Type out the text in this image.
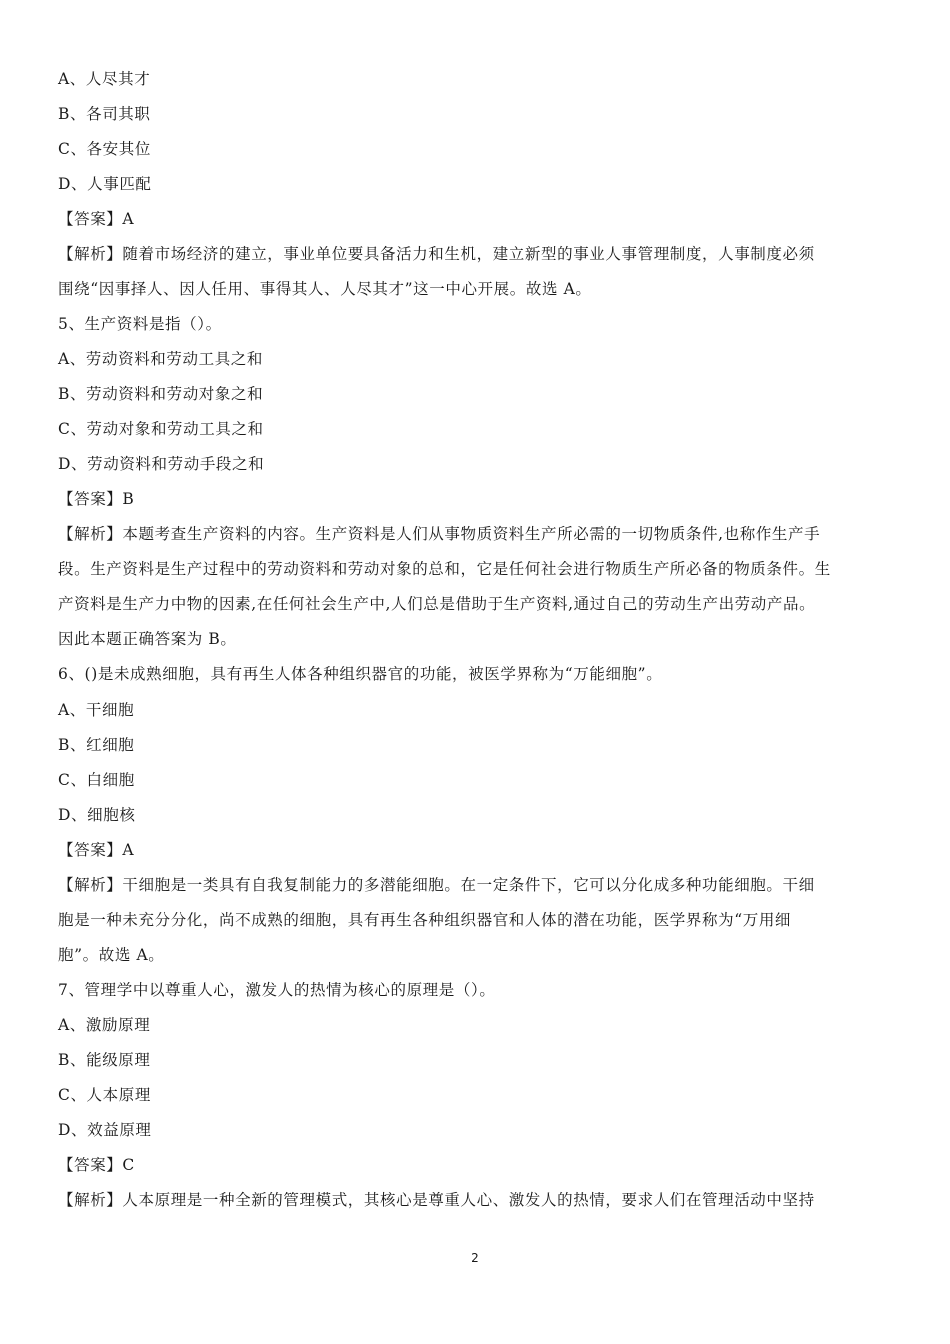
A、人尽其才
B、各司其职
C、各安其位
D、人事匹配
【答案】A
【解析】随着市场经济的建立，事业单位要具备活力和生机，建立新型的事业人事管理制度，人事制度必须
围绕“因事择人、因人任用、事得其人、人尽其才”这一中心开展。故选 A。
5、生产资料是指（）。
A、劳动资料和劳动工具之和
B、劳动资料和劳动对象之和
C、劳动对象和劳动工具之和
D、劳动资料和劳动手段之和
【答案】B
【解析】本题考查生产资料的内容。生产资料是人们从事物质资料生产所必需的一切物质条件,也称作生产手
段。生产资料是生产过程中的劳动资料和劳动对象的总和，它是任何社会进行物质生产所必备的物质条件。生
产资料是生产力中物的因素,在任何社会生产中,人们总是借助于生产资料,通过自己的劳动生产出劳动产品。
因此本题正确答案为 B。
6、()是未成熟细胞，具有再生人体各种组织器官的功能，被医学界称为“万能细胞”。
A、干细胞
B、红细胞
C、白细胞
D、细胞核
【答案】A
【解析】干细胞是一类具有自我复制能力的多潜能细胞。在一定条件下，它可以分化成多种功能细胞。干细
胞是一种未充分分化，尚不成熟的细胞，具有再生各种组织器官和人体的潜在功能，医学界称为“万用细
胞”。故选 A。
7、管理学中以尊重人心，激发人的热情为核心的原理是（）。
A、激励原理
B、能级原理
C、人本原理
D、效益原理
【答案】C
【解析】人本原理是一种全新的管理模式，其核心是尊重人心、激发人的热情，要求人们在管理活动中坚持
2
